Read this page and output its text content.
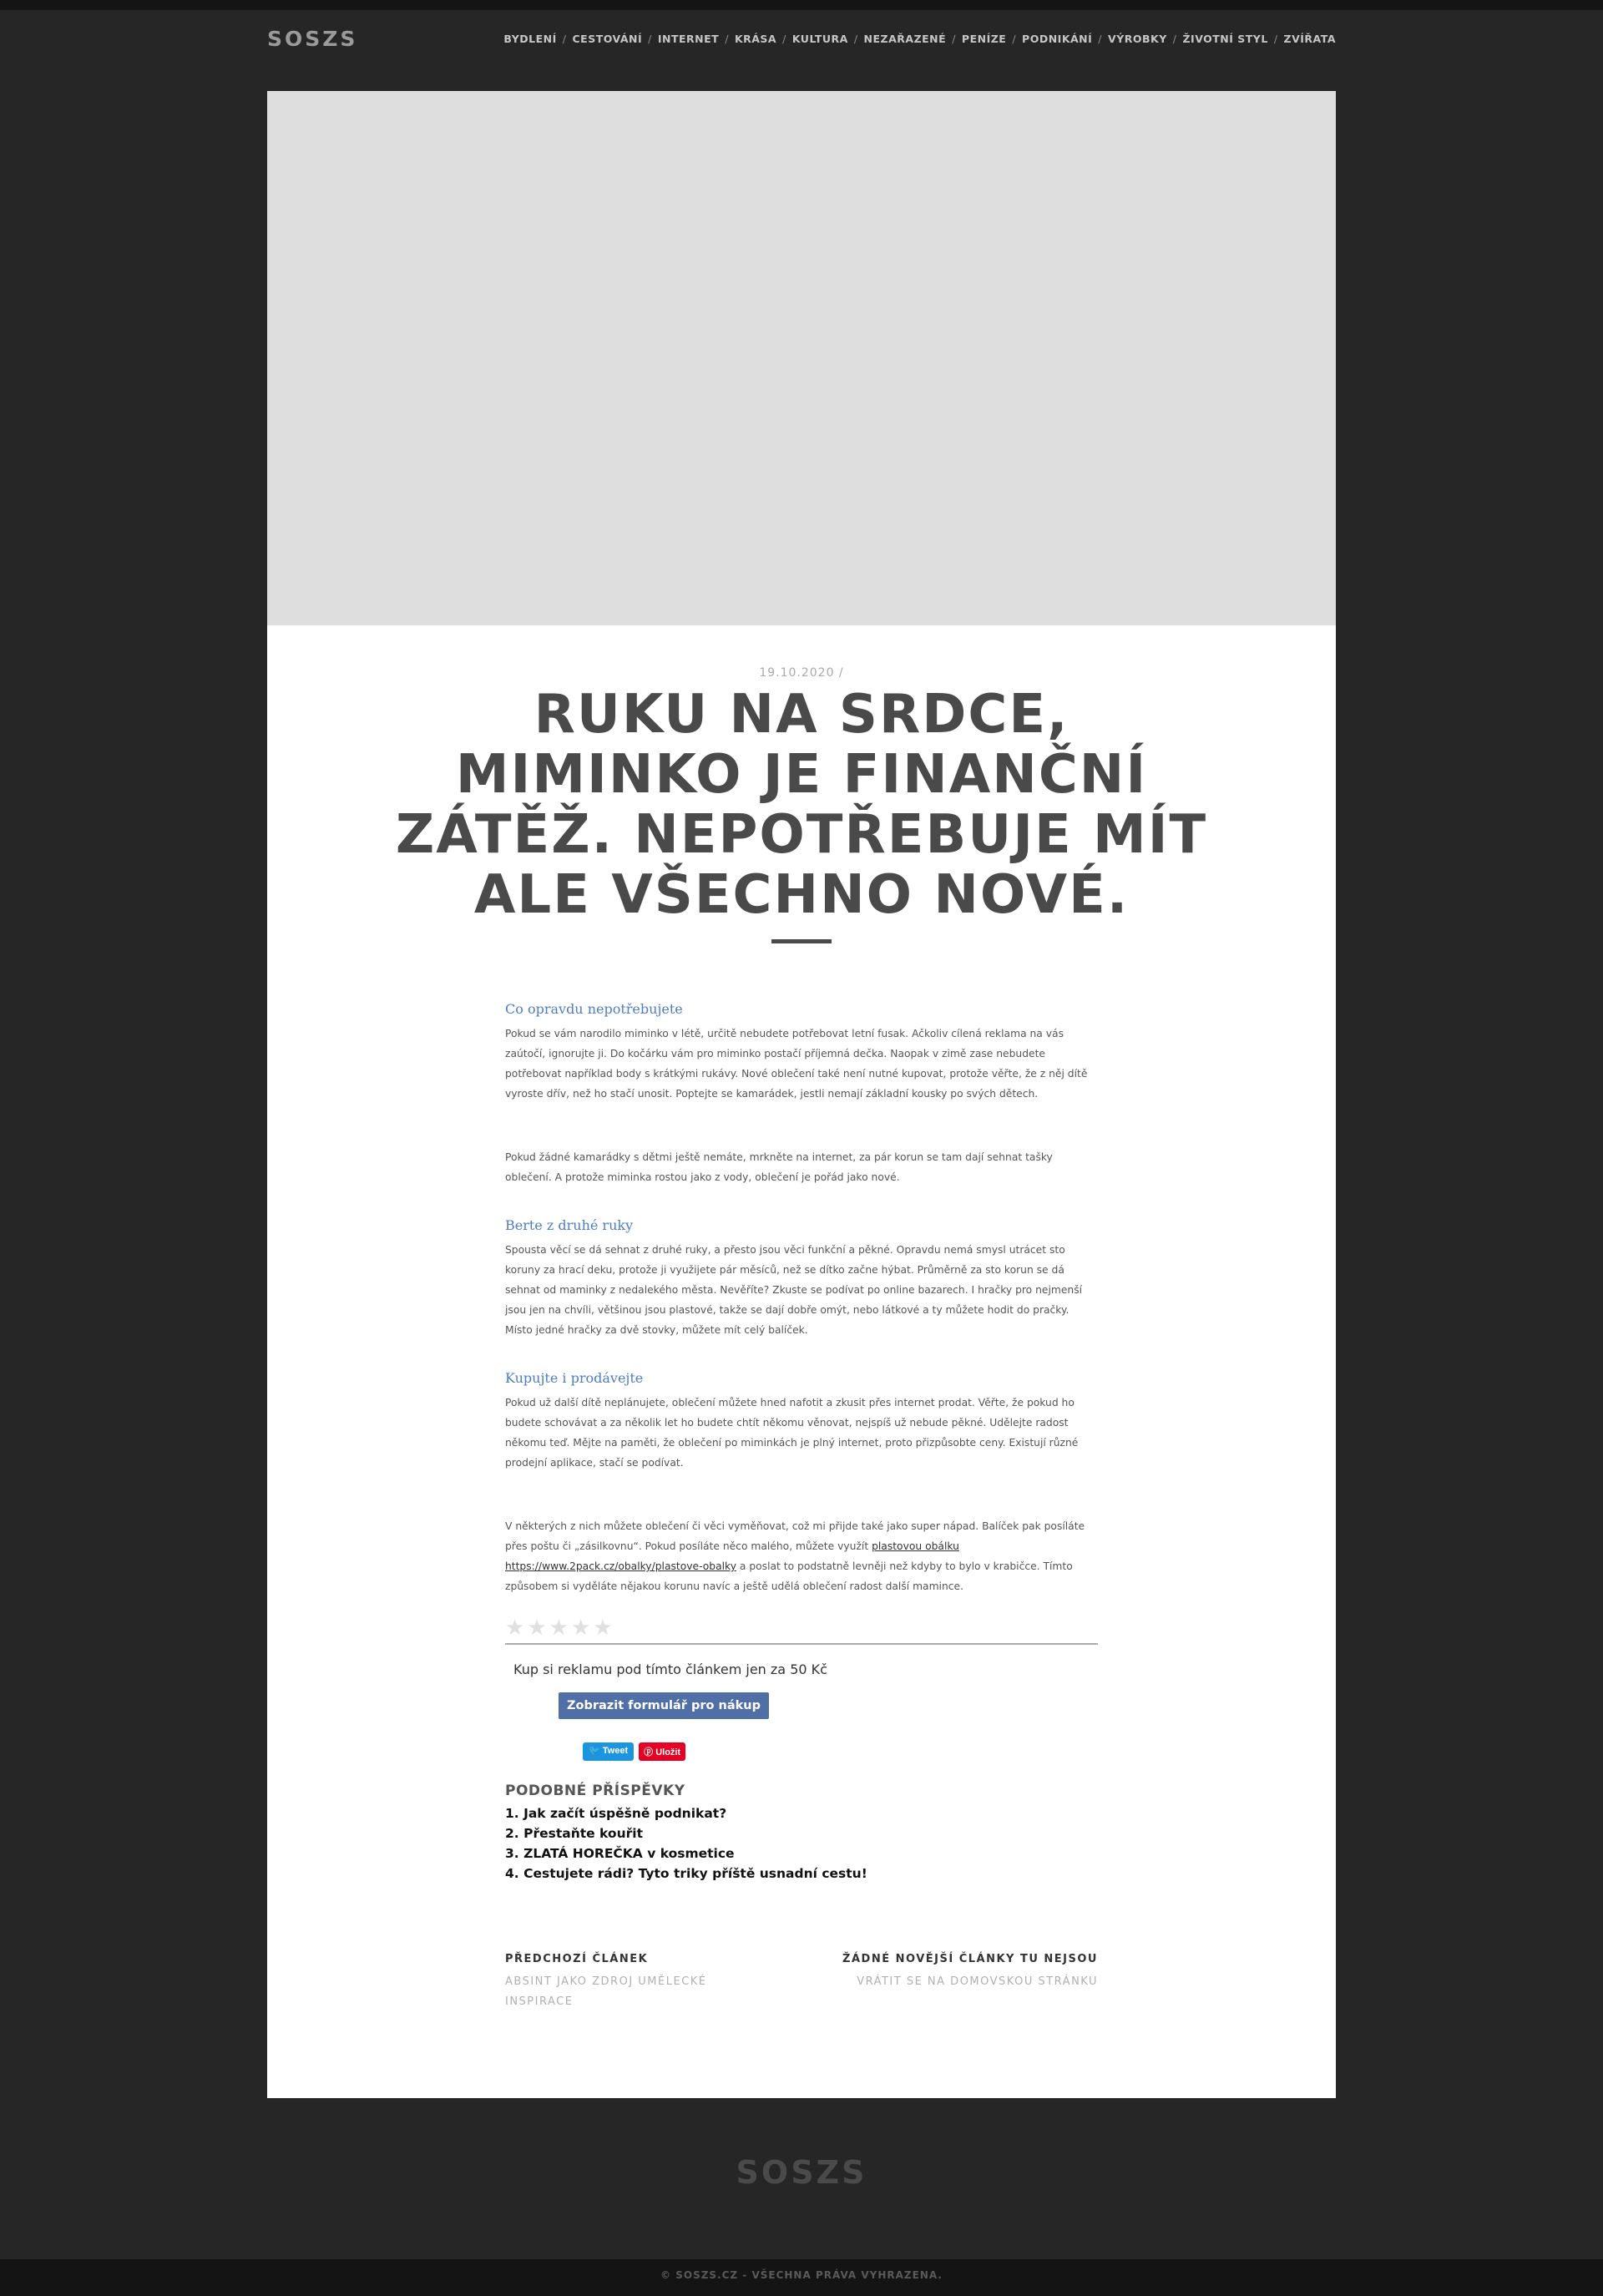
SOSZS	BYDLENÍ / CESTOVÁNÍ / INTERNET / KRÁSA / KULTURA / NEZAŘAZENÉ / PENÍZE / PODNIKÁNÍ / VÝROBKY / ŽIVOTNÍ STYL / ZVÍŘATA
19.10.2020 /
RUKU NA SRDCE, MIMINKO JE FINANČNÍ ZÁTĚŽ. NEPOTŘEBUJE MÍT ALE VŠECHNO NOVÉ.
Co opravdu nepotřebujete

Pokud se vám narodilo miminko v létě, určitě nebudete potřebovat letní fusak. Ačkoliv cílená reklama na vás zaútočí, ignorujte ji. Do kočárku vám pro miminko postačí příjemná dečka. Naopak v zimě zase nebudete potřebovat například body s krátkými rukávy. Nové oblečení také není nutné kupovat, protože věřte, že z něj dítě vyroste dřív, než ho stačí unosit. Poptejte se kamarádek, jestli nemají základní kousky po svých dětech.

Pokud žádné kamarádky s dětmi ještě nemáte, mrkněte na internet, za pár korun se tam dají sehnat tašky oblečení. A protože miminka rostou jako z vody, oblečení je pořád jako nové.

Berte z druhé ruky

Spousta věcí se dá sehnat z druhé ruky, a přesto jsou věci funkční a pěkné. Opravdu nemá smysl utrácet sto koruny za hrací deku, protože ji využijete pár měsíců, než se dítko začne hýbat. Průměrně za sto korun se dá sehnat od maminky z nedalekého města. Nevěříte? Zkuste se podívat po online bazarech. I hračky pro nejmenší jsou jen na chvíli, většinou jsou plastové, takže se dají dobře omýt, nebo látkové a ty můžete hodit do pračky. Místo jedné hračky za dvě stovky, můžete mít celý balíček.

Kupujte i prodávejte

Pokud už další dítě neplánujete, oblečení můžete hned nafotit a zkusit přes internet prodat. Věřte, že pokud ho budete schovávat a za několik let ho budete chtít někomu věnovat, nejspíš už nebude pěkné. Udělejte radost někomu teď. Mějte na paměti, že oblečení po miminkách je plný internet, proto přizpůsobte ceny. Existují různé prodejní aplikace, stačí se podívat.

V některých z nich můžete oblečení či věci vyměňovat, což mi přijde také jako super nápad. Balíček pak posíláte přes poštu či „zásilkovnu“. Pokud posíláte něco malého, můžete využít plastovou obálku
https://www.2pack.cz/obalky/plastove-obalky a poslat to podstatně levněji než kdyby to bylo v krabičce. Tímto způsobem si vyděláte nějakou korunu navíc a ještě udělá oblečení radost další mamince.

★ ★ ★ ★ ★
Kup si reklamu pod tímto článkem jen za 50 Kč
Zobrazit formulář pro nákup
🐦 Tweet	ⓟ Uložit

PODOBNÉ PŘÍSPĚVKY

1. Jak začít úspěšně podnikat?
2. Přestaňte kouřit
3. ZLATÁ HOREČKA v kosmetice
4. Cestujete rádi? Tyto triky příště usnadní cestu!
PŘEDCHOZÍ ČLÁNEK
ABSINT JAKO ZDROJ UMĚLECKÉ INSPIRACE
ŽÁDNÉ NOVĚJŠÍ ČLÁNKY TU NEJSOU
VRÁTIT SE NA DOMOVSKOU STRÁNKU
SOSZS
© SOSZS.CZ - VŠECHNA PRÁVA VYHRAZENA.
